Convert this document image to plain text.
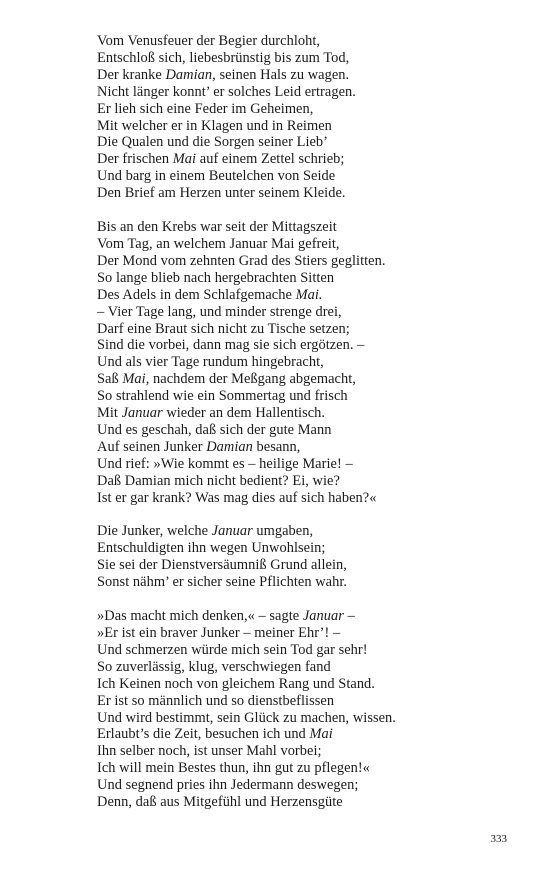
Vom Venusfeuer der Begier durchloht,
Entschloß sich, liebesbrünstig bis zum Tod,
Der kranke Damian, seinen Hals zu wagen.
Nicht länger konnt’ er solches Leid ertragen.
Er lieh sich eine Feder im Geheimen,
Mit welcher er in Klagen und in Reimen
Die Qualen und die Sorgen seiner Lieb’
Der frischen Mai auf einem Zettel schrieb;
Und barg in einem Beutelchen von Seide
Den Brief am Herzen unter seinem Kleide.
Bis an den Krebs war seit der Mittagszeit
Vom Tag, an welchem Januar Mai gefreit,
Der Mond vom zehnten Grad des Stiers geglitten.
So lange blieb nach hergebrachten Sitten
Des Adels in dem Schlafgemache Mai.
– Vier Tage lang, und minder strenge drei,
Darf eine Braut sich nicht zu Tische setzen;
Sind die vorbei, dann mag sie sich ergötzen. –
Und als vier Tage rundum hingebracht,
Saß Mai, nachdem der Meßgang abgemacht,
So strahlend wie ein Sommertag und frisch
Mit Januar wieder an dem Hallentisch.
Und es geschah, daß sich der gute Mann
Auf seinen Junker Damian besann,
Und rief: »Wie kommt es – heilige Marie! –
Daß Damian mich nicht bedient? Ei, wie?
Ist er gar krank? Was mag dies auf sich haben?«
Die Junker, welche Januar umgaben,
Entschuldigten ihn wegen Unwohlsein;
Sie sei der Dienstversäumniß Grund allein,
Sonst nähm’ er sicher seine Pflichten wahr.
»Das macht mich denken,« – sagte Januar –
»Er ist ein braver Junker – meiner Ehr’! –
Und schmerzen würde mich sein Tod gar sehr!
So zuverlässig, klug, verschwiegen fand
Ich Keinen noch von gleichem Rang und Stand.
Er ist so männlich und so dienstbeflissen
Und wird bestimmt, sein Glück zu machen, wissen.
Erlaubt’s die Zeit, besuchen ich und Mai
Ihn selber noch, ist unser Mahl vorbei;
Ich will mein Bestes thun, ihn gut zu pflegen!«
Und segnend pries ihn Jedermann deswegen;
Denn, daß aus Mitgefühl und Herzensgüte
333
